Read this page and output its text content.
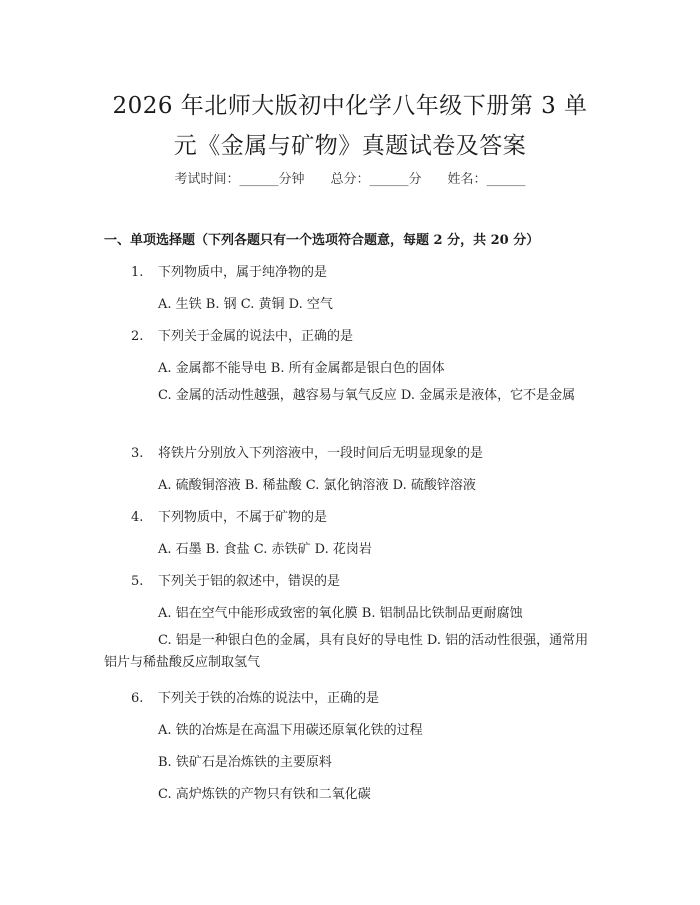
2026 年北师大版初中化学八年级下册第 3 单
元《金属与矿物》真题试卷及答案
考试时间：______分钟 总分：______分 姓名：______
一、单项选择题（下列各题只有一个选项符合题意，每题 2 分，共 20 分）
1. 下列物质中，属于纯净物的是
A. 生铁 B. 钢 C. 黄铜 D. 空气
2. 下列关于金属的说法中，正确的是
A. 金属都不能导电 B. 所有金属都是银白色的固体
C. 金属的活动性越强，越容易与氧气反应 D. 金属汞是液体，它不是金属
3. 将铁片分别放入下列溶液中，一段时间后无明显现象的是
A. 硫酸铜溶液 B. 稀盐酸 C. 氯化钠溶液 D. 硫酸锌溶液
4. 下列物质中，不属于矿物的是
A. 石墨 B. 食盐 C. 赤铁矿 D. 花岗岩
5. 下列关于铝的叙述中，错误的是
A. 铝在空气中能形成致密的氧化膜 B. 铝制品比铁制品更耐腐蚀
C. 铝是一种银白色的金属，具有良好的导电性 D. 铝的活动性很强，通常用铝片与稀盐酸反应制取氢气
6. 下列关于铁的冶炼的说法中，正确的是
A. 铁的冶炼是在高温下用碳还原氧化铁的过程
B. 铁矿石是冶炼铁的主要原料
C. 高炉炼铁的产物只有铁和二氧化碳
